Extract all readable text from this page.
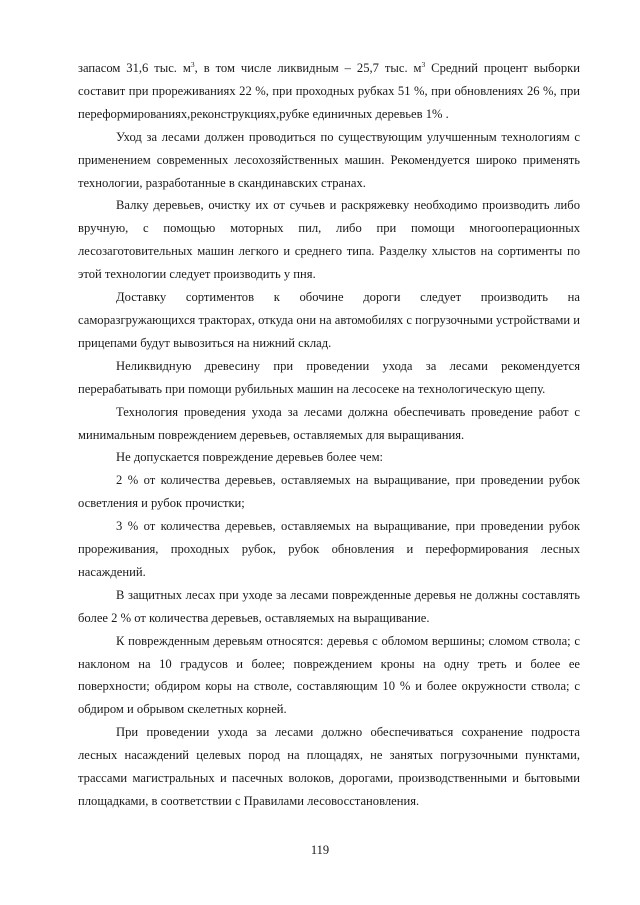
запасом 31,6 тыс. $м^3$, в том числе ликвидным – 25,7 тыс. $м^3$ Средний процент выборки составит при прореживаниях 22 %, при проходных рубках 51 %, при обновлениях 26 %, при переформированиях,реконструкциях,рубке единичных деревьев 1% .

Уход за лесами должен проводиться по существующим улучшенным технологиям с применением современных лесохозяйственных машин. Рекомендуется широко применять технологии, разработанные в скандинавских странах.

Валку деревьев, очистку их от сучьев и раскряжевку необходимо производить либо вручную, с помощью моторных пил, либо при помощи многооперационных лесозаготовительных машин легкого и среднего типа. Разделку хлыстов на сортименты по этой технологии следует производить у пня.

Доставку сортиментов к обочине дороги следует производить на саморазгружающихся тракторах, откуда они на автомобилях с погрузочными устройствами и прицепами будут вывозиться на нижний склад.

Неликвидную древесину при проведении ухода за лесами рекомендуется перерабатывать при помощи рубильных машин на лесосеке на технологическую щепу.

Технология проведения ухода за лесами должна обеспечивать проведение работ с минимальным повреждением деревьев, оставляемых для выращивания.

Не допускается повреждение деревьев более чем:

2 % от количества деревьев, оставляемых на выращивание, при проведении рубок осветления и рубок прочистки;

3 % от количества деревьев, оставляемых на выращивание, при проведении рубок прореживания, проходных рубок, рубок обновления и переформирования лесных насаждений.

В защитных лесах при уходе за лесами поврежденные деревья не должны составлять более 2 % от количества деревьев, оставляемых на выращивание.

К поврежденным деревьям относятся: деревья с обломом вершины; сломом ствола; с наклоном на 10 градусов и более; повреждением кроны на одну треть и более ее поверхности; обдиром коры на стволе, составляющим 10 % и более окружности ствола; с обдиром и обрывом скелетных корней.

При проведении ухода за лесами должно обеспечиваться сохранение подроста лесных насаждений целевых пород на площадях, не занятых погрузочными пунктами, трассами магистральных и пасечных волоков, дорогами, производственными и бытовыми площадками, в соответствии с Правилами лесовосстановления.

119
